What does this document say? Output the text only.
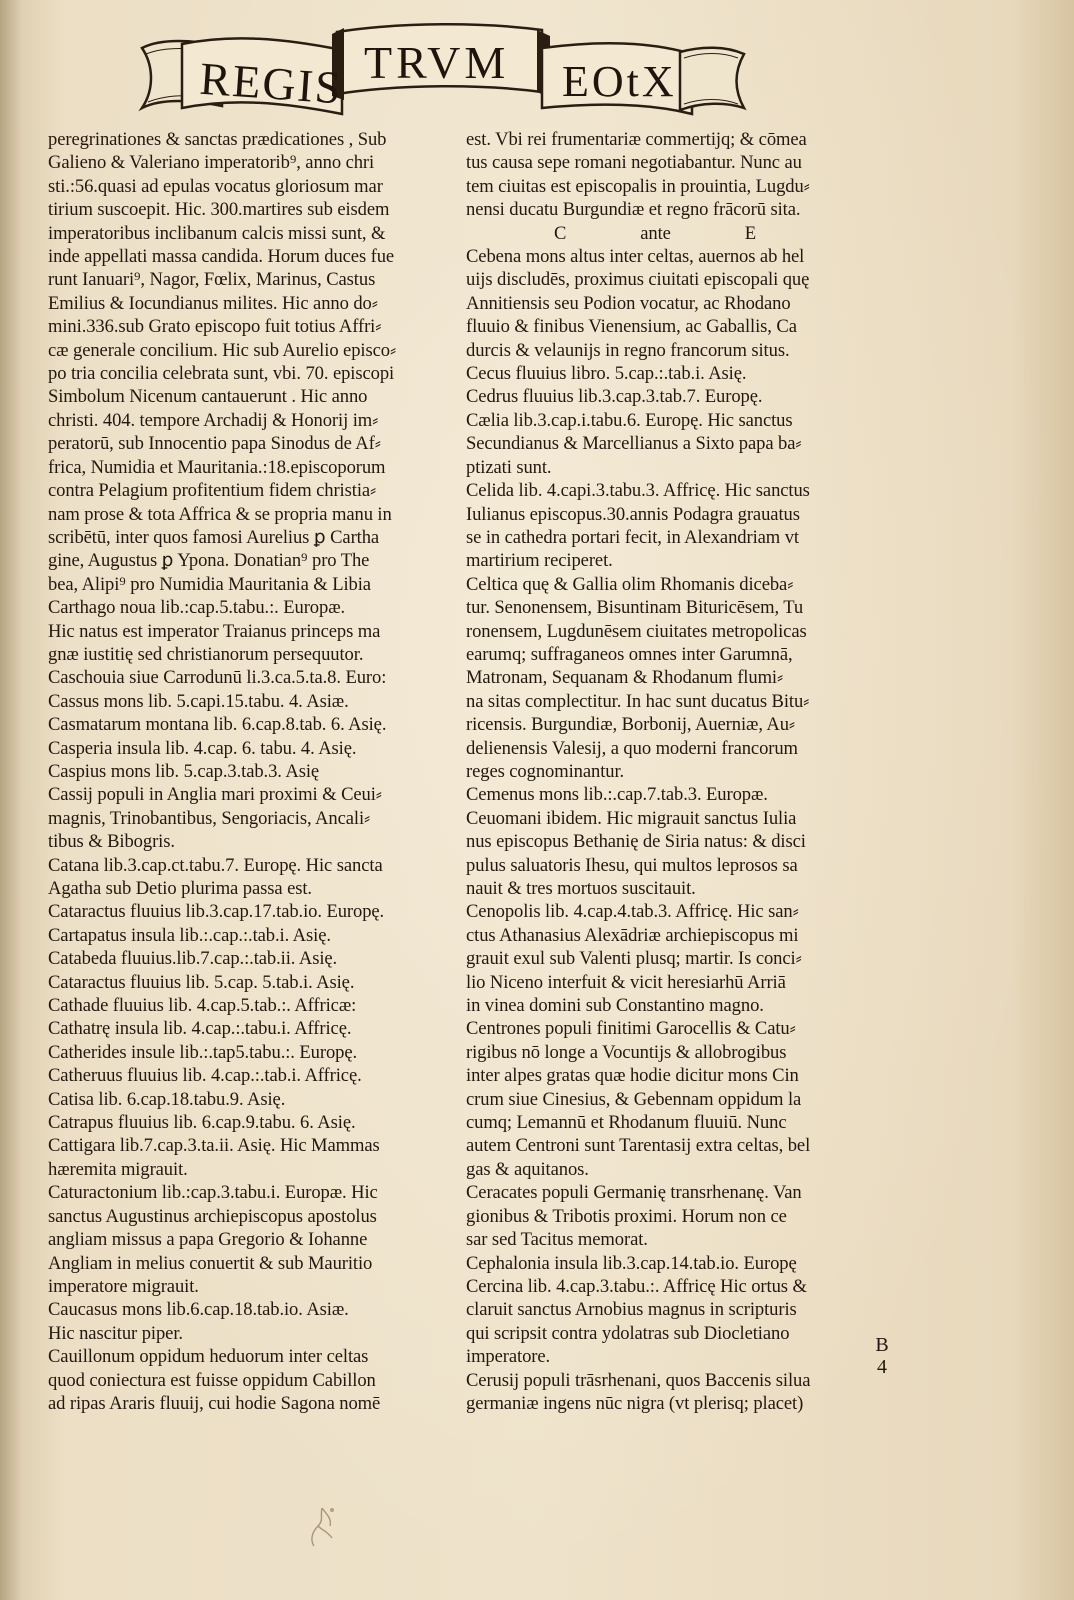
REGIS TRVM EOtX

peregrinationes & sanctas prædicationes , Sub

Galieno & Valeriano imperatorib⁹, anno chri

sti.:56.quasi ad epulas vocatus gloriosum mar

tirium suscoepit. Hic. 300.martires sub eisdem

imperatoribus inclibanum calcis missi sunt, &

inde appellati massa candida. Horum duces fue

runt Ianuari⁹, Nagor, Fœlix, Marinus, Castus

Emilius & Iocundianus milites. Hic anno do⸗

mini.336.sub Grato episcopo fuit totius Affri⸗

cæ generale concilium. Hic sub Aurelio episco⸗

po tria concilia celebrata sunt, vbi. 70. episcopi

Simbolum Nicenum cantauerunt . Hic anno

christi. 404. tempore Archadij & Honorij im⸗

peratorū, sub Innocentio papa Sinodus de Af⸗

frica, Numidia et Mauritania.:18.episcoporum

contra Pelagium profitentium fidem christia⸗

nam prose & tota Affrica & se propria manu in

scribētū, inter quos famosi Aurelius ꝑ Cartha

gine, Augustus ꝑ Ypona. Donatian⁹ pro The

bea, Alipi⁹ pro Numidia Mauritania & Libia

Carthago noua lib.:cap.5.tabu.:. Europæ.

Hic natus est imperator Traianus princeps ma

gnæ iustitię sed christianorum persequutor.

Caschouia siue Carrodunū li.3.ca.5.ta.8. Euro:

Cassus mons lib. 5.capi.15.tabu. 4. Asiæ.

Casmatarum montana lib. 6.cap.8.tab. 6. Asię.

Casperia insula lib. 4.cap. 6. tabu. 4. Asię.

Caspius mons lib. 5.cap.3.tab.3. Asię

Cassij populi in Anglia mari proximi & Ceui⸗

magnis, Trinobantibus, Sengoriacis, Ancali⸗

tibus & Bibogris.

Catana lib.3.cap.ct.tabu.7. Europę. Hic sancta

Agatha sub Detio plurima passa est.

Cataractus fluuius lib.3.cap.17.tab.io. Europę.

Cartapatus insula lib.:.cap.:.tab.i. Asię.

Catabeda fluuius.lib.7.cap.:.tab.ii. Asię.

Cataractus fluuius lib. 5.cap. 5.tab.i. Asię.

Cathade fluuius lib. 4.cap.5.tab.:. Affricæ:

Cathatrę insula lib. 4.cap.:.tabu.i. Affricę.

Catherides insule lib.:.tap5.tabu.:. Europę.

Catheruus fluuius lib. 4.cap.:.tab.i. Affricę.

Catisa lib. 6.cap.18.tabu.9. Asię.

Catrapus fluuius lib. 6.cap.9.tabu. 6. Asię.

Cattigara lib.7.cap.3.ta.ii. Asię. Hic Mammas

hæremita migrauit.

Caturactonium lib.:cap.3.tabu.i. Europæ. Hic

sanctus Augustinus archiepiscopus apostolus

angliam missus a papa Gregorio & Iohanne

Angliam in melius conuertit & sub Mauritio

imperatore migrauit.

Caucasus mons lib.6.cap.18.tab.io. Asiæ.

Hic nascitur piper.

Cauillonum oppidum heduorum inter celtas

quod coniectura est fuisse oppidum Cabillon

ad ripas Araris fluuij, cui hodie Sagona nomē

est. Vbi rei frumentariæ commertijq; & cōmea

tus causa sepe romani negotiabantur. Nunc au

tem ciuitas est episcopalis in prouintia, Lugdu⸗

nensi ducatu Burgundiæ et regno frācorū sita.

C	ante	E

Cebena mons altus inter celtas, auernos ab hel

uijs discludēs, proximus ciuitati episcopali quę

Annitiensis seu Podion vocatur, ac Rhodano

fluuio & finibus Vienensium, ac Gaballis, Ca

durcis & velaunijs in regno francorum situs.

Cecus fluuius libro. 5.cap.:.tab.i. Asię.

Cedrus fluuius lib.3.cap.3.tab.7. Europę.

Cælia lib.3.cap.i.tabu.6. Europę. Hic sanctus

Secundianus & Marcellianus a Sixto papa ba⸗

ptizati sunt.

Celida lib. 4.capi.3.tabu.3. Affricę. Hic sanctus

Iulianus episcopus.30.annis Podagra grauatus

se in cathedra portari fecit, in Alexandriam vt

martirium reciperet.

Celtica quę & Gallia olim Rhomanis diceba⸗

tur. Senonensem, Bisuntinam Bituricēsem, Tu

ronensem, Lugdunēsem ciuitates metropolicas

earumq; suffraganeos omnes inter Garumnā,

Matronam, Sequanam & Rhodanum flumi⸗

na sitas complectitur. In hac sunt ducatus Bitu⸗

ricensis. Burgundiæ, Borbonij, Auerniæ, Au⸗

delienensis Valesij, a quo moderni francorum

reges cognominantur.

Cemenus mons lib.:.cap.7.tab.3. Europæ.

Ceuomani ibidem. Hic migrauit sanctus Iulia

nus episcopus Bethanię de Siria natus: & disci

pulus saluatoris Ihesu, qui multos leprosos sa

nauit & tres mortuos suscitauit.

Cenopolis lib. 4.cap.4.tab.3. Affricę. Hic san⸗

ctus Athanasius Alexādriæ archiepiscopus mi

grauit exul sub Valenti plusq; martir. Is conci⸗

lio Niceno interfuit & vicit heresiarhū Arriā

in vinea domini sub Constantino magno.

Centrones populi finitimi Garocellis & Catu⸗

rigibus nō longe a Vocuntijs & allobrogibus

inter alpes gratas quæ hodie dicitur mons Cin

crum siue Cinesius, & Gebennam oppidum la

cumq; Lemannū et Rhodanum fluuiū. Nunc

autem Centroni sunt Tarentasij extra celtas, bel

gas & aquitanos.

Ceracates populi Germanię transrhenanę. Van

gionibus & Tribotis proximi. Horum non ce

sar sed Tacitus memorat.

Cephalonia insula lib.3.cap.14.tab.io. Europę

Cercina lib. 4.cap.3.tabu.:. Affricę Hic ortus &

claruit sanctus Arnobius magnus in scripturis

qui scripsit contra ydolatras sub Diocletiano

imperatore.

Cerusij populi trāsrhenani, quos Baccenis silua

germaniæ ingens nūc nigra (vt plerisq; placet)

B
4
